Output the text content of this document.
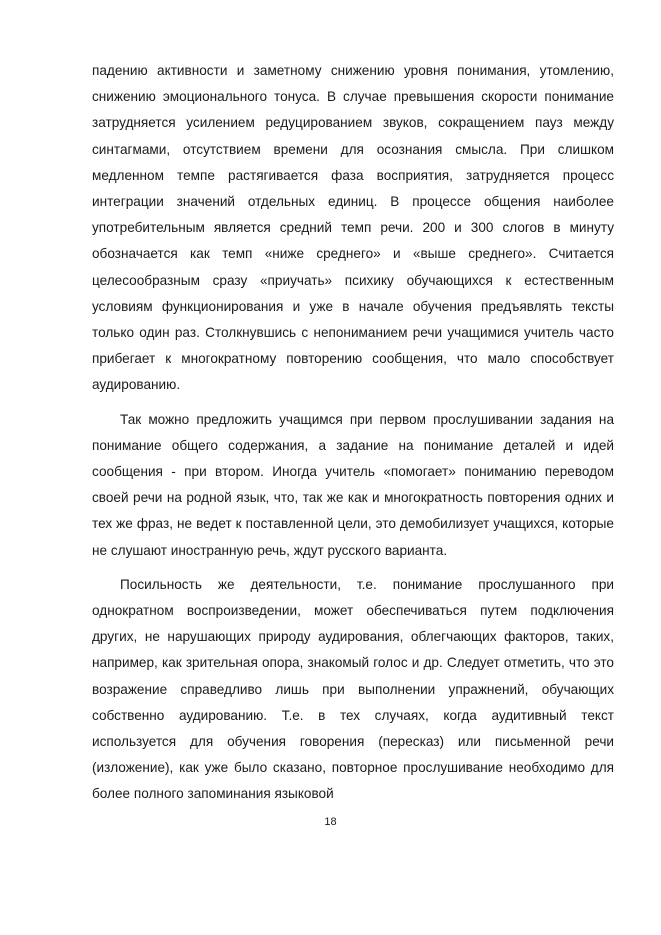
падению активности и заметному снижению уровня понимания, утомлению, снижению эмоционального тонуса. В случае превышения скорости понимание затрудняется усилением редуцированием звуков, сокращением пауз между синтагмами, отсутствием времени для осознания смысла. При слишком медленном темпе растягивается фаза восприятия, затрудняется процесс интеграции значений отдельных единиц. В процессе общения наиболее употребительным является средний темп речи. 200 и 300 слогов в минуту обозначается как темп «ниже среднего» и «выше среднего». Считается целесообразным сразу «приучать» психику обучающихся к естественным условиям функционирования и уже в начале обучения предъявлять тексты только один раз. Столкнувшись с непониманием речи учащимися учитель часто прибегает к многократному повторению сообщения, что мало способствует аудированию.

Так можно предложить учащимся при первом прослушивании задания на понимание общего содержания, а задание на понимание деталей и идей сообщения - при втором. Иногда учитель «помогает» пониманию переводом своей речи на родной язык, что, так же как и многократность повторения одних и тех же фраз, не ведет к поставленной цели, это демобилизует учащихся, которые не слушают иностранную речь, ждут русского варианта.

Посильность же деятельности, т.е. понимание прослушанного при однократном воспроизведении, может обеспечиваться путем подключения других, не нарушающих природу аудирования, облегчающих факторов, таких, например, как зрительная опора, знакомый голос и др. Следует отметить, что это возражение справедливо лишь при выполнении упражнений, обучающих собственно аудированию. Т.е. в тех случаях, когда аудитивный текст используется для обучения говорения (пересказ) или письменной речи (изложение), как уже было сказано, повторное прослушивание необходимо для более полного запоминания языковой

18
